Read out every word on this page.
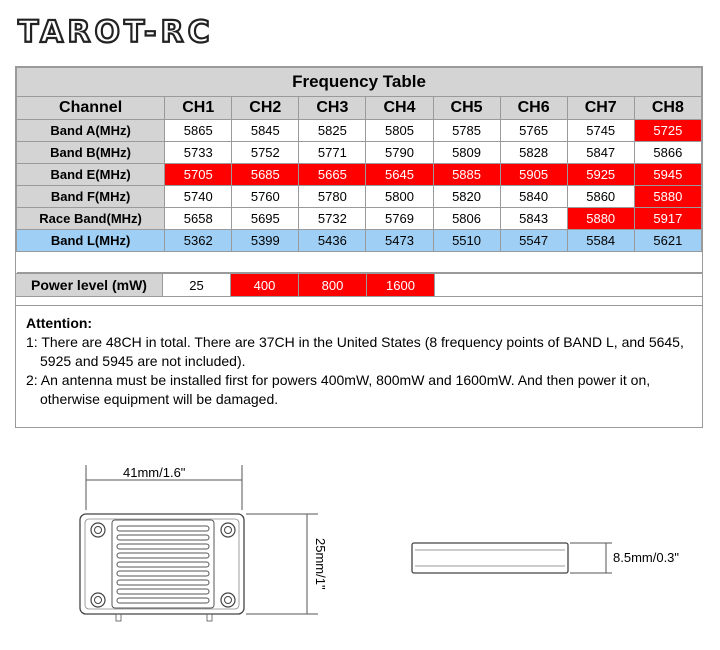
TAROT-RC
Frequency Table								
Channel	CH1	CH2	CH3	CH4	CH5	CH6	CH7	CH8
Band A(MHz)	5865	5845	5825	5805	5785	5765	5745	5725
Band B(MHz)	5733	5752	5771	5790	5809	5828	5847	5866
Band E(MHz)	5705	5685	5665	5645	5885	5905	5925	5945
Band F(MHz)	5740	5760	5780	5800	5820	5840	5860	5880
Race Band(MHz)	5658	5695	5732	5769	5806	5843	5880	5917
Band L(MHz)	5362	5399	5436	5473	5510	5547	5584	5621

Power level (mW)	25	400	800	1600
Attention:
1: There are 48CH in total. There are 37CH in the United States (8 frequency points of BAND L, and 5645, 5925 and 5945 are not included).
2: An antenna must be installed first for powers 400mW, 800mW and 1600mW. And then power it on, otherwise equipment will be damaged.
41mm/1.6"
25mm/1"	8.5mm/0.3"
